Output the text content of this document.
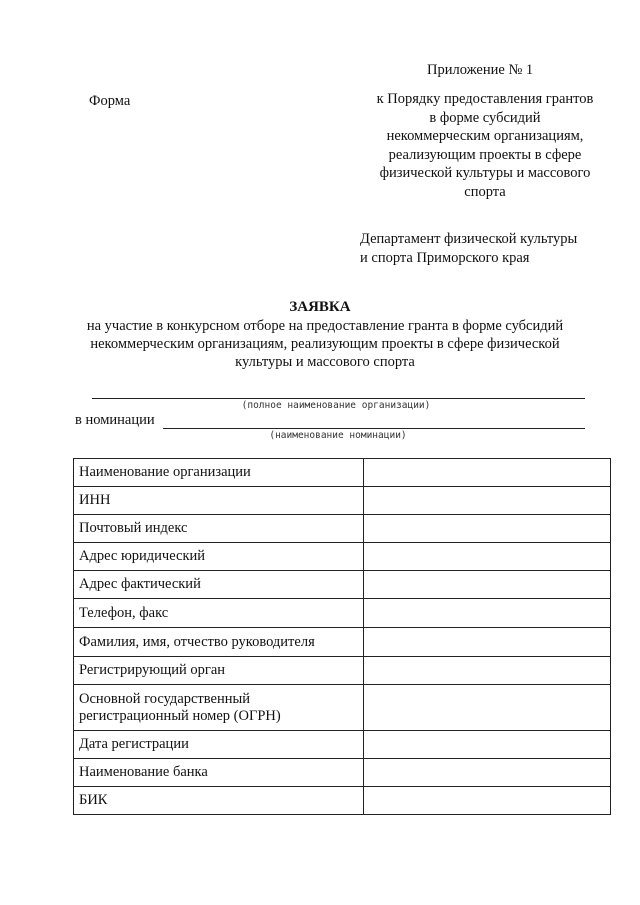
Приложение № 1
Форма	к Порядку предоставления грантов
в форме субсидий
некоммерческим организациям,
реализующим проекты в сфере
физической культуры и массового
спорта
Департамент физической культуры
и спорта Приморского края
ЗАЯВКА
на участие в конкурсном отборе на предоставление гранта в форме субсидий
некоммерческим организациям, реализующим проекты в сфере физической
культуры и массового спорта
(полное наименование организации)
в номинации
(наименование номинации)
Наименование организации	
ИНН	
Почтовый индекс	
Адрес юридический	
Адрес фактический	
Телефон, факс	
Фамилия, имя, отчество руководителя	
Регистрирующий орган	
Основной государственный регистрационный номер (ОГРН)	
Дата регистрации	
Наименование банка	
БИК	
